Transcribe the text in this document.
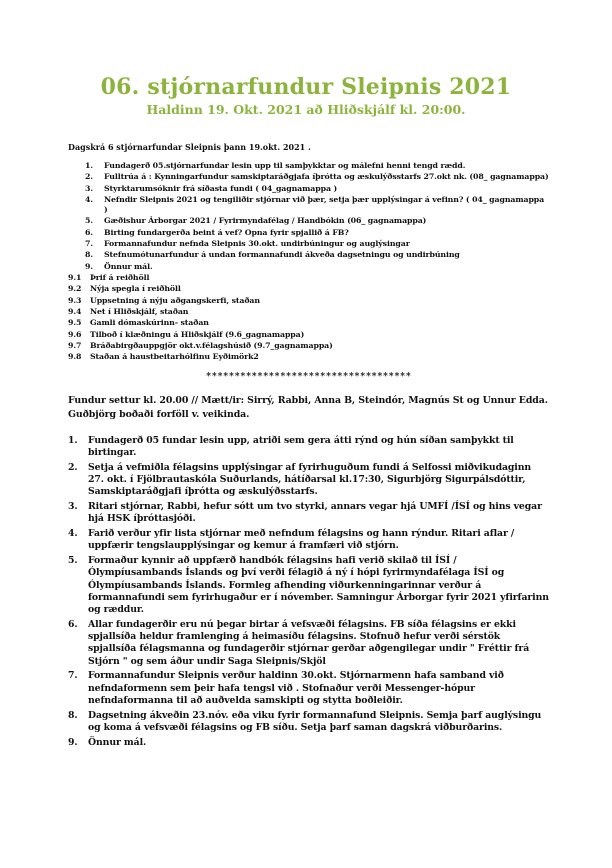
06. stjórnarfundur Sleipnis 2021
Haldinn 19. Okt. 2021 að Hliðskjálf kl. 20:00.

Dagskrá 6 stjórnarfundar Sleipnis þann 19.okt. 2021 .

1.	Fundagerð 05.stjórnarfundar lesin upp til samþykktar og málefni henni tengd rædd.
2.	Fulltrúa á : Kynningarfundur samskiptaráðgjafa íþrótta og æskulýðsstarfs 27.okt nk. (08_ gagnamappa)
3.	Styrktarumsóknir frá síðasta fundi ( 04_gagnamappa )
4.	Nefndir Sleipnis 2021 og tengiliðir stjórnar við þær, setja þær upplýsingar á vefinn? ( 04_ gagnamappa )
5.	Gæðishur Árborgar 2021 / Fyrirmyndafélag / Handbókin (06_ gagnamappa)
6.	Birting fundargerða beint á vef? Opna fyrir spjallið á FB?
7.	Formannafundur nefnda Sleipnis 30.okt. undirbúningur og auglýsingar
8.	Stefnumótunarfundur á undan formannafundi ákveða dagsetningu og undirbúning
9.	Önnur mál.
9.1	Þrif á reiðhöll
9.2	Nýja spegla í reiðhöll
9.3	Uppsetning á nýju aðgangskerfi, staðan
9.4	Net í Hliðskjálf, staðan
9.5	Gamli dómaskúrinn- staðan
9.6	Tilboð í klæðningu á Hliðskjálf (9.6_gagnamappa)
9.7	Bráðabirgðauppgjör okt.v.félagshúsið (9.7_gagnamappa)
9.8	Staðan á haustbeitarhólfinu Eyðimörk2
************************************

Fundur settur kl. 20.00 // Mætt/ir: Sirrý, Rabbi, Anna B, Steindór, Magnús St og Unnur Edda. Guðbjörg boðaði forföll v. veikinda.

1.	Fundagerð 05 fundar lesin upp, atriði sem gera átti rýnd og hún síðan samþykkt til birtingar.
2.	Setja á vefmiðla félagsins upplýsingar af fyrirhuguðum fundi á Selfossi miðvikudaginn 27. okt. í Fjölbrautaskóla Suðurlands, hátíðarsal kl.17:30, Sigurbjörg Sigurpálsdóttir, Samskiptaráðgjafi íþrótta og æskulýðsstarfs.
3.	Ritari stjórnar, Rabbi, hefur sótt um tvo styrki, annars vegar hjá UMFÍ /ÍSÍ og hins vegar hjá HSK íþróttasjóði.
4.	Farið verður yfir lista stjórnar með nefndum félagsins og hann rýndur. Ritari aflar / uppfærir tengslaupplýsingar og kemur á framfæri við stjórn.
5.	Formaður kynnir að uppfærð handbók félagsins hafi verið skilað til ÍSÍ /Ólympíusambands Íslands og því verði félagið á ný í hópi fyrirmyndafélaga ÍSÍ og Ólympíusambands Íslands. Formleg afhending viðurkenningarinnar verður á formannafundi sem fyrirhugaður er í nóvember. Samningur Árborgar fyrir 2021 yfirfarinn og ræddur.
6.	Allar fundagerðir eru nú þegar birtar á vefsvæði félagsins. FB síða félagsins er ekki spjallsíða heldur framlenging á heimasíðu félagsins. Stofnuð hefur verði sérstök spjallsíða félagsmanna og fundagerðir stjórnar gerðar aðgengilegar undir " Fréttir frá Stjórn " og sem áður undir Saga Sleipnis/Skjöl
7.	Formannafundur Sleipnis verður haldinn 30.okt. Stjórnarmenn hafa samband við nefndaformenn sem þeir hafa tengsl við . Stofnaður verði Messenger-hópur nefndaformanna til að auðvelda samskipti og stytta boðleiðir.
8.	Dagsetning ákveðin 23.nóv. eða viku fyrir formannafund Sleipnis. Semja þarf auglýsingu og koma á vefsvæði félagsins og FB síðu. Setja þarf saman dagskrá viðburðarins.
9.	Önnur mál.
